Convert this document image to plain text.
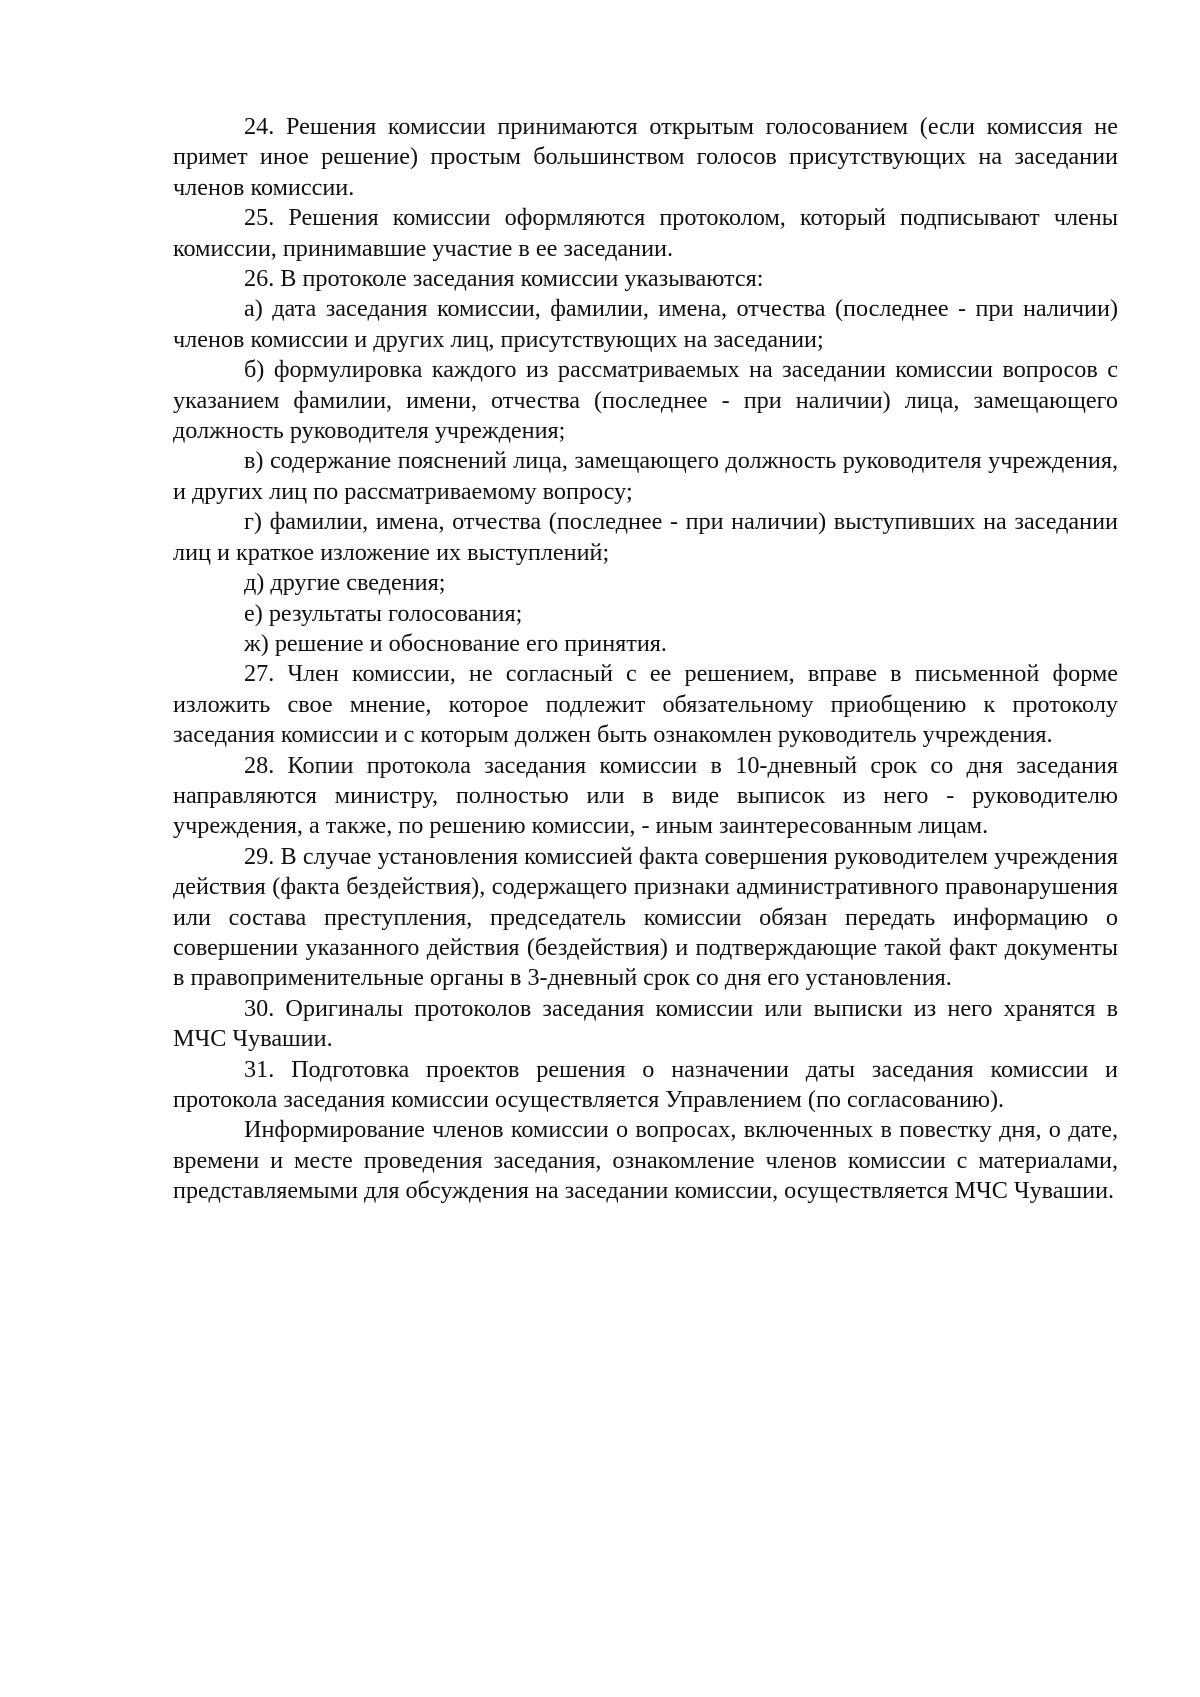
24. Решения комиссии принимаются открытым голосованием (если комиссия не примет иное решение) простым большинством голосов присутствующих на заседании членов комиссии.

25. Решения комиссии оформляются протоколом, который подписывают члены комиссии, принимавшие участие в ее заседании.

26. В протоколе заседания комиссии указываются:

а) дата заседания комиссии, фамилии, имена, отчества (последнее - при наличии) членов комиссии и других лиц, присутствующих на заседании;

б) формулировка каждого из рассматриваемых на заседании комиссии вопросов с указанием фамилии, имени, отчества (последнее - при наличии) лица, замещающего должность руководителя учреждения;

в) содержание пояснений лица, замещающего должность руководителя учреждения, и других лиц по рассматриваемому вопросу;

г) фамилии, имена, отчества (последнее - при наличии) выступивших на заседании лиц и краткое изложение их выступлений;

д) другие сведения;

е) результаты голосования;

ж) решение и обоснование его принятия.

27. Член комиссии, не согласный с ее решением, вправе в письменной форме изложить свое мнение, которое подлежит обязательному приобщению к протоколу заседания комиссии и с которым должен быть ознакомлен руководитель учреждения.

28. Копии протокола заседания комиссии в 10-дневный срок со дня заседания направляются министру, полностью или в виде выписок из него - руководителю учреждения, а также, по решению комиссии, - иным заинтересованным лицам.

29. В случае установления комиссией факта совершения руководителем учреждения действия (факта бездействия), содержащего признаки административного правонарушения или состава преступления, председатель комиссии обязан передать информацию о совершении указанного действия (бездействия) и подтверждающие такой факт документы в правоприменительные органы в 3-дневный срок со дня его установления.

30. Оригиналы протоколов заседания комиссии или выписки из него хранятся в МЧС Чувашии.

31. Подготовка проектов решения о назначении даты заседания комиссии и протокола заседания комиссии осуществляется Управлением (по согласованию).

Информирование членов комиссии о вопросах, включенных в повестку дня, о дате, времени и месте проведения заседания, ознакомление членов комиссии с материалами, представляемыми для обсуждения на заседании комиссии, осуществляется МЧС Чувашии.
